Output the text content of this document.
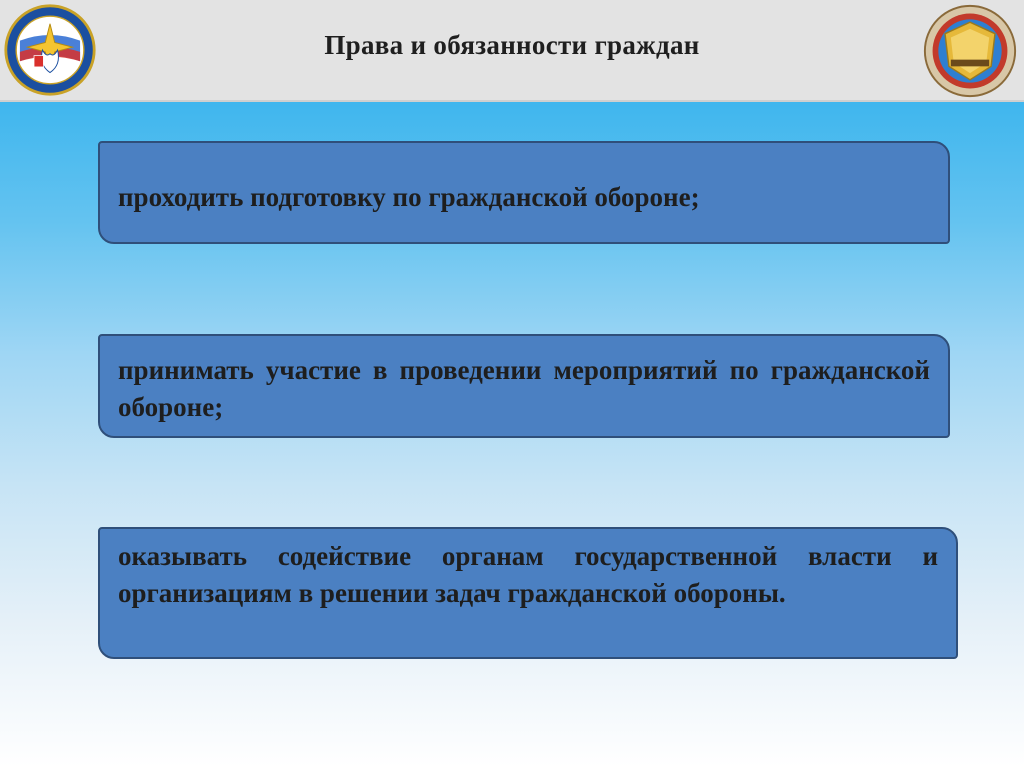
Права и обязанности граждан
проходить подготовку по гражданской обороне;
принимать участие в проведении мероприятий по гражданской обороне;
оказывать содействие органам государственной власти и организациям в решении задач гражданской обороны.
